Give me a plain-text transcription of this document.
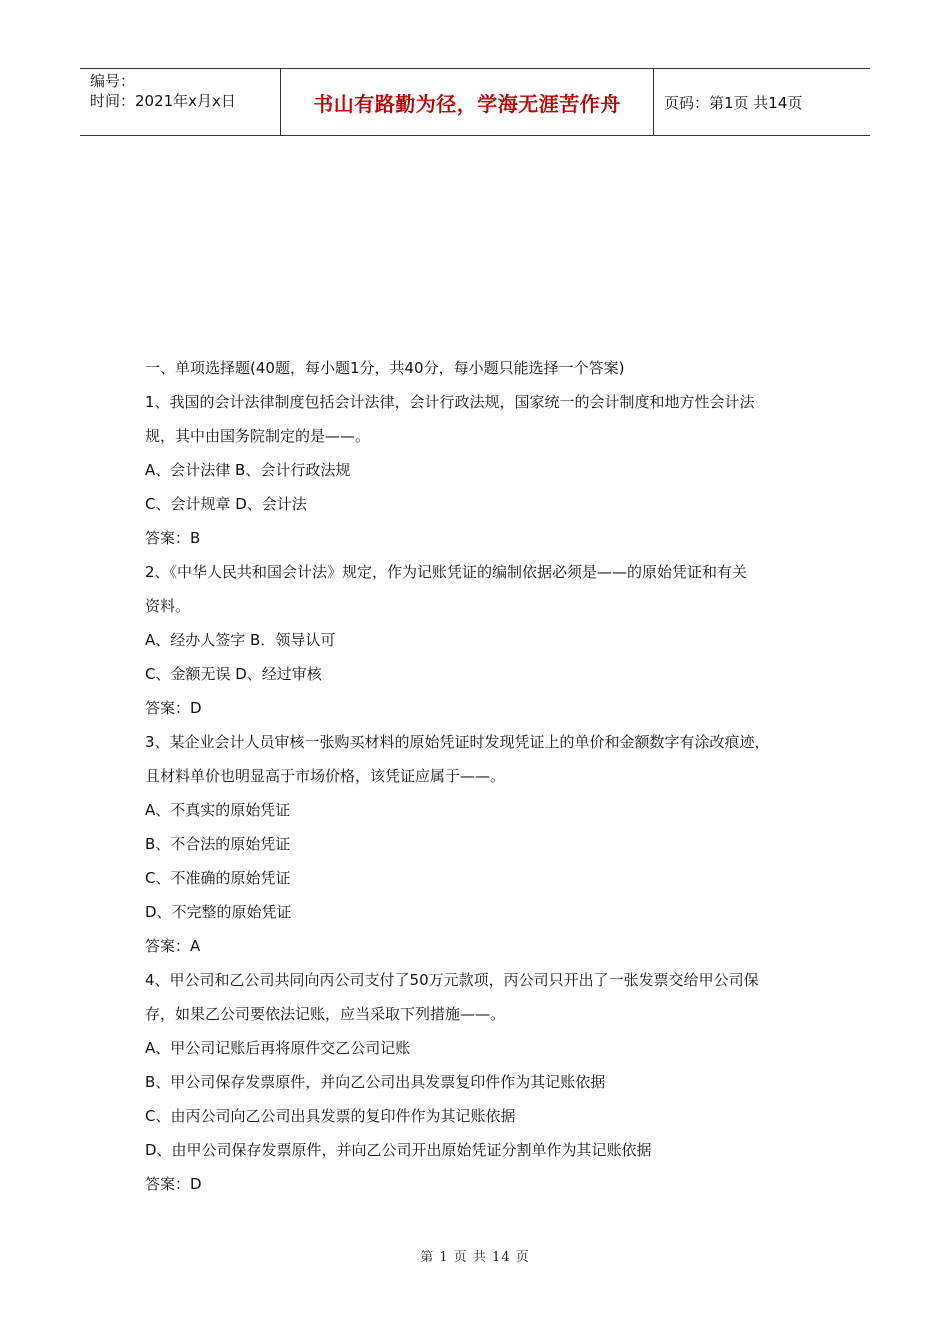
编号：
时间：2021年x月x日	书山有路勤为径，学海无涯苦作舟	页码：第1页 共14页
一、单项选择题(40题，每小题1分，共40分，每小题只能选择一个答案)
1、我国的会计法律制度包括会计法律，会计行政法规，国家统一的会计制度和地方性会计法
规，其中由国务院制定的是——。
A、会计法律 B、会计行政法规
C、会计规章 D、会计法
答案：B
2、《中华人民共和国会计法》规定，作为记账凭证的编制依据必须是——的原始凭证和有关
资料。
A、经办人签字 B．领导认可
C、金额无误 D、经过审核
答案：D
3、某企业会计人员审核一张购买材料的原始凭证时发现凭证上的单价和金额数字有涂改痕迹，
且材料单价也明显高于市场价格，该凭证应属于——。
A、不真实的原始凭证
B、不合法的原始凭证
C、不准确的原始凭证
D、不完整的原始凭证
答案：A
4、甲公司和乙公司共同向丙公司支付了50万元款项，丙公司只开出了一张发票交给甲公司保
存，如果乙公司要依法记账，应当采取下列措施——。
A、甲公司记账后再将原件交乙公司记账
B、甲公司保存发票原件，并向乙公司出具发票复印件作为其记账依据
C、由丙公司向乙公司出具发票的复印件作为其记账依据
D、由甲公司保存发票原件，并向乙公司开出原始凭证分割单作为其记账依据
答案：D
第 1 页 共 14 页
